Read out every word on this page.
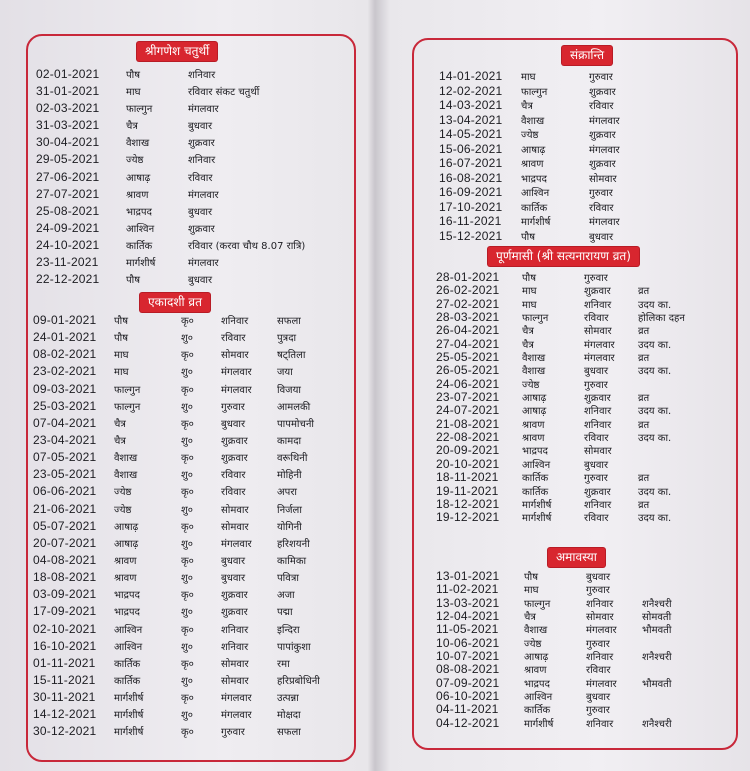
श्रीगणेश चतुर्थी
02-01-2021	पौष	शनिवार
31-01-2021	माघ	रविवार संकट चतुर्थी
02-03-2021	फाल्गुन	मंगलवार
31-03-2021	चैत्र	बुधवार
30-04-2021	वैशाख	शुक्रवार
29-05-2021	ज्येष्ठ	शनिवार
27-06-2021	आषाढ़	रविवार
27-07-2021	श्रावण	मंगलवार
25-08-2021	भाद्रपद	बुधवार
24-09-2021	आश्विन	शुक्रवार
24-10-2021	कार्तिक	रविवार (करवा चौथ 8.07 रात्रि)
23-11-2021	मार्गशीर्ष	मंगलवार
22-12-2021	पौष	बुधवार
एकादशी व्रत
09-01-2021 पौष	कृ०	शनिवार	सफला
24-01-2021 पौष	शु०	रविवार	पुत्रदा
08-02-2021 माघ	कृ०	सोमवार	षट्‌तिला
23-02-2021 माघ	शु०	मंगलवार	जया
09-03-2021 फाल्गुन	कृ०	मंगलवार	विजया
25-03-2021 फाल्गुन	शु०	गुरुवार	आमलकी
07-04-2021 चैत्र	कृ०	बुधवार	पापमोचनी
23-04-2021 चैत्र	शु०	शुक्रवार	कामदा
07-05-2021 वैशाख	कृ०	शुक्रवार	वरूथिनी
23-05-2021 वैशाख	शु०	रविवार	मोहिनी
06-06-2021 ज्येष्ठ	कृ०	रविवार	अपरा
21-06-2021 ज्येष्ठ	शु०	सोमवार	निर्जला
05-07-2021 आषाढ़	कृ०	सोमवार	योगिनी
20-07-2021 आषाढ़	शु०	मंगलवार	हरिशयनी
04-08-2021 श्रावण	कृ०	बुधवार	कामिका
18-08-2021 श्रावण	शु०	बुधवार	पवित्रा
03-09-2021 भाद्रपद	कृ०	शुक्रवार	अजा
17-09-2021 भाद्रपद	शु०	शुक्रवार	पद्मा
02-10-2021 आश्विन	कृ०	शनिवार	इन्दिरा
16-10-2021 आश्विन	शु०	शनिवार	पापांकुशा
01-11-2021 कार्तिक	कृ०	सोमवार	रमा
15-11-2021 कार्तिक	शु०	सोमवार	हरिप्रबोधिनी
30-11-2021 मार्गशीर्ष	कृ०	मंगलवार	उत्पन्ना
14-12-2021 मार्गशीर्ष	शु०	मंगलवार	मोक्षदा
30-12-2021 मार्गशीर्ष	कृ०	गुरुवार	सफला
संक्रान्ति
14-01-2021 माघ	गुरुवार
12-02-2021 फाल्गुन	शुक्रवार
14-03-2021 चैत्र	रविवार
13-04-2021 वैशाख	मंगलवार
14-05-2021 ज्येष्ठ	शुक्रवार
15-06-2021 आषाढ़	मंगलवार
16-07-2021 श्रावण	शुक्रवार
16-08-2021 भाद्रपद	सोमवार
16-09-2021 आश्विन	गुरुवार
17-10-2021 कार्तिक	रविवार
16-11-2021 मार्गशीर्ष	मंगलवार
15-12-2021 पौष	बुधवार
पूर्णमासी (श्री सत्यनारायण व्रत)
28-01-2021 पौष	गुरुवार
26-02-2021 माघ	शुक्रवार	व्रत
27-02-2021 माघ	शनिवार	उदय का.
28-03-2021 फाल्गुन	रविवार	होलिका दहन
26-04-2021 चैत्र	सोमवार	व्रत
27-04-2021 चैत्र	मंगलवार उदय का.
25-05-2021 वैशाख	मंगलवार व्रत
26-05-2021 वैशाख	बुधवार	उदय का.
24-06-2021 ज्येष्ठ	गुरुवार
23-07-2021 आषाढ़	शुक्रवार	व्रत
24-07-2021 आषाढ़	शनिवार	उदय का.
21-08-2021 श्रावण	शनिवार	व्रत
22-08-2021 श्रावण	रविवार	उदय का.
20-09-2021 भाद्रपद	सोमवार
20-10-2021 आश्विन	बुधवार
18-11-2021 कार्तिक	गुरुवार	व्रत
19-11-2021 कार्तिक	शुक्रवार	उदय का.
18-12-2021 मार्गशीर्ष	शनिवार	व्रत
19-12-2021 मार्गशीर्ष	रविवार	उदय का.
अमावस्या
13-01-2021 पौष	बुधवार
11-02-2021	माघ	गुरुवार
13-03-2021 फाल्गुन	शनिवार	शनैश्चरी
12-04-2021 चैत्र	सोमवार	सोमवती
11-05-2021	वैशाख	मंगलवार	भौमवती
10-06-2021 ज्येष्ठ	गुरुवार
10-07-2021 आषाढ़	शनिवार	शनैश्चरी
08-08-2021 श्रावण	रविवार
07-09-2021 भाद्रपद	मंगलवार	भौमवती
06-10-2021 आश्विन	बुधवार
04-11-2021	कार्तिक	गुरुवार
04-12-2021 मार्गशीर्ष	शनिवार	शनैश्चरी
